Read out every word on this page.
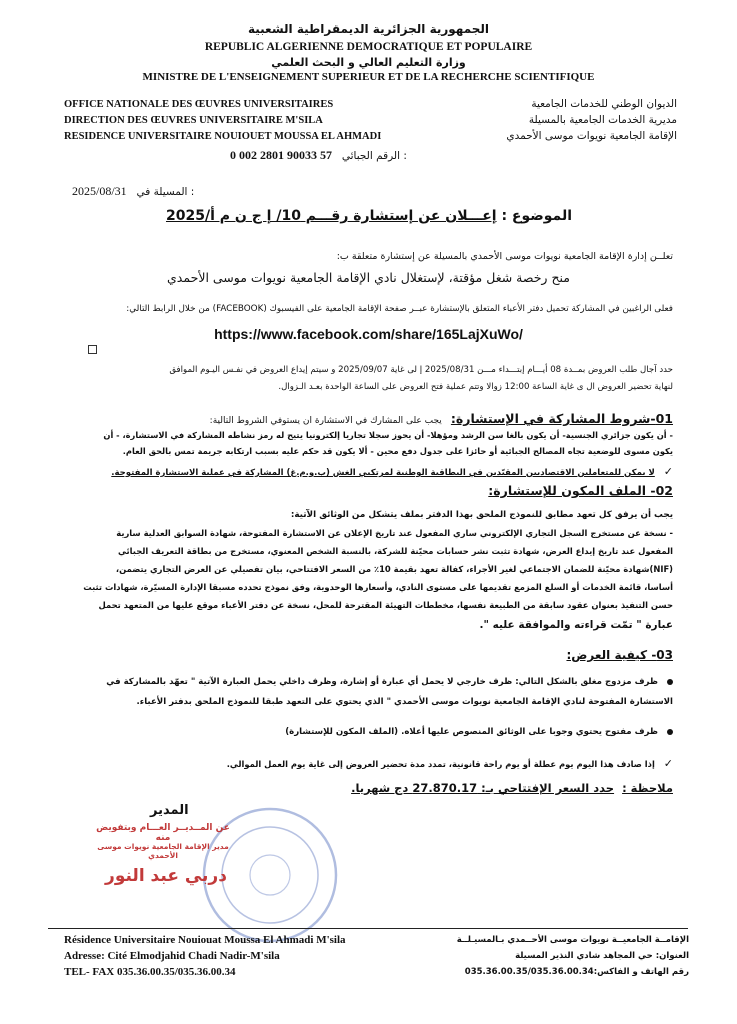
الجمهورية الجزائرية الديمقراطية الشعبية
REPUBLIC ALGERIENNE DEMOCRATIQUE ET POPULAIRE
وزارة التعليم العالي و البحث العلمي
MINISTRE DE L'ENSEIGNEMENT SUPERIEUR ET DE LA RECHERCHE SCIENTIFIQUE
OFFICE NATIONALE DES ŒUVRES UNIVERSITAIRES
DIRECTION DES ŒUVRES UNIVERSITAIRE M'SILA
RESIDENCE UNIVERSITAIRE NOUIOUET MOUSSA EL AHMADI
الديوان الوطني للخدمات الجامعية
مديرية الخدمات الجامعية بالمسيلة
الإقامة الجامعية نويوات موسى الأحمدي
0 002 2801 90033 57 الرقم الجبائي :
2025/08/31 المسيلة في :
الموضوع : إعـــلان عن إستشارة رقـــم 10/ إ ج ن م أ/2025
تعلــن إدارة الإقامة الجامعية نويوات موسى الأحمدي بالمسيلة عن إستشارة متعلقة ب:
منح رخصة شغل مؤقتة، لإستغلال نادي الإقامة الجامعية نويوات موسى الأحمدي
فعلى الراغبين في المشاركة تحميل دفتر الأعباء المتعلق بالإستشارة عبــر صفحة الإقامة الجامعية على الفيسبوك (FACEBOOK) من خلال الرابط التالي:
https://www.facebook.com/share/165LajXuWo/
حدد آجال طلب العروض بمــدة 08 أيـــام إبتـــداء مـــن 2025/08/31 إ لى غاية 2025/09/07 و سيتم إيداع العروض في نفـس اليـوم الموافق
لنهاية تحضير العروض ال ى غاية الساعة 12:00 زوالا وتتم عملية فتح العروض على الساعة الواحدة بعـد الـزوال.
01-شروط المشاركة في الإستشارة: يجب على المشارك في الاستشارة ان يستوفي الشروط التالية:
- أن يكون جزائري الجنسية- أن يكون بالغا سن الرشد ومؤهلا- أن يحوز سجلا تجاريا إلكترونيا يتيح له رمز نشاطه المشاركة في الاستشارة، - أن
يكون مسوى للوضعية تجاه المصالح الجبائية أو حائزا على جدول دفع محين - ألا يكون قد حكم عليه بسبب ارتكابه جريمة تمس بالحق العام.
✓ لا يمكن للمتعاملين الاقتصاديين المقيّدين في البطاقية الوطنية لمرتكبي الغش (ب.و.م.غ) المشاركة في عملية الاستشارة المفتوحة.
02- الملف المكون للإستشارة:
يجب أن يرفق كل تعهد مطابق للنموذج الملحق بهذا الدفتر بملف يتشكل من الوثائق الآتية:
- نسخة عن مستخرج السجل التجاري الإلكتروني ساري المفعول عند تاريخ الإعلان عن الاستشارة المفتوحة، شهادة السوابق العدلية سارية
المفعول عند تاريخ إيداع العرض، شهادة تثبت نشر حسابات محيّنة للشركة، بالنسبة الشخص المعنوي، مستخرج من بطاقة التعريف الجبائي
(NIF)شهادة محيّنة للضمان الاجتماعي لغير الأجراء، كفالة تعهد بقيمة 10٪ من السعر الافتتاحي، بيان تفصيلي عن العرض التجاري يتضمن،
أساسا، قائمة الخدمات أو السلع المزمع تقديمها على مستوى النادي، وأسعارها الوحدوية، وفق نموذج تحدده مسبقا الإدارة المسيّرة، شهادات تثبت
حسن التنفيذ بعنوان عقود سابقة من الطبيعة نفسها، مخططات التهيئة المقترحة للمحل، نسخة عن دفتر الأعباء موقع عليها من المتعهد تحمل
عبارة " تمّت قراءته والموافقة عليه ".
03- كيفية العرض:
ظرف مزدوج مغلق بالشكل التالي: ظرف خارجي لا يحمل أي عبارة أو إشارة، وظرف داخلي يحمل العبارة الآتية " تعهّد بالمشاركة في
الاستشارة المفتوحة لنادي الإقامة الجامعية نويوات موسى الأحمدي " الذي يحتوي على التعهد طبقا للنموذج الملحق بدفتر الأعباء.
ظرف مفتوح يحتوي وجوبا على الوثائق المنصوص عليها أعلاه. (الملف المكون للإستشارة)
✓ إذا صادف هذا اليوم يوم عطلة أو يوم راحة قانونية، تمدد مدة تحضير العروض إلى غاية يوم العمل الموالي.
ملاحظة : حدد السعر الإفتتاحي بـ: 27.870.17 دج شهريا.
المدير
عن المــديــر العـــام وبتفويض منه
مدير الإقامة الجامعية نويوات موسى الأحمدي
دربي عبد النور
Résidence Universitaire Nouiouat Moussa El Ahmadi M'sila
Adresse: Cité Elmodjahid Chadi Nadir-M'sila
TEL- FAX 035.36.00.35/035.36.00.34
الإقامــة الجامعيــة نويوات موسى الأحــمدي بـالمسيـلــة
العنوان: حي المجاهد شادي النذير المسيلة
رقم الهاتف و الفاكس:035.36.00.35/035.36.00.34
